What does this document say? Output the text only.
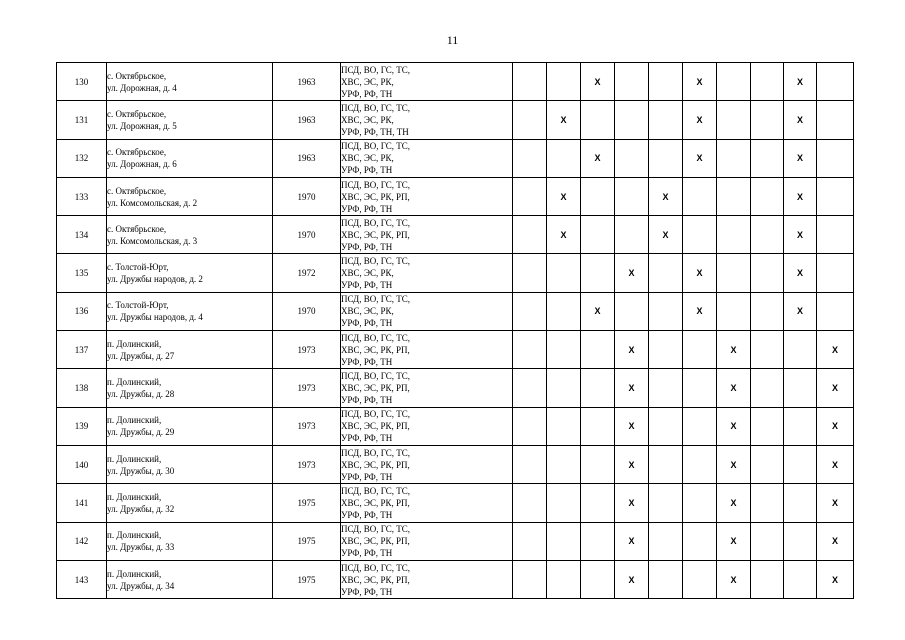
11
130	с. Октябрьское,
ул. Дорожная, д. 4	1963	ПСД, ВО, ГС, ТС,
ХВС, ЭС, РК,
УРФ, РФ, ТН			X			X			X	
131	с. Октябрьское,
ул. Дорожная, д. 5	1963	ПСД, ВО, ГС, ТС,
ХВС, ЭС, РК,
УРФ, РФ, ТН, ТН		X				X			X	
132	с. Октябрьское,
ул. Дорожная, д. 6	1963	ПСД, ВО, ГС, ТС,
ХВС, ЭС, РК,
УРФ, РФ, ТН			X			X			X	
133	с. Октябрьское,
ул. Комсомольская, д. 2	1970	ПСД, ВО, ГС, ТС,
ХВС, ЭС, РК, РП,
УРФ, РФ, ТН		X			X				X	
134	с. Октябрьское,
ул. Комсомольская, д. 3	1970	ПСД, ВО, ГС, ТС,
ХВС, ЭС, РК, РП,
УРФ, РФ, ТН		X			X				X	
135	с. Толстой-Юрт,
ул. Дружбы народов, д. 2	1972	ПСД, ВО, ГС, ТС,
ХВС, ЭС, РК,
УРФ, РФ, ТН				X		X			X	
136	с. Толстой-Юрт,
ул. Дружбы народов, д. 4	1970	ПСД, ВО, ГС, ТС,
ХВС, ЭС, РК,
УРФ, РФ, ТН			X			X			X	
137	п. Долинский,
ул. Дружбы, д. 27	1973	ПСД, ВО, ГС, ТС,
ХВС, ЭС, РК, РП,
УРФ, РФ, ТН				X			X			X
138	п. Долинский,
ул. Дружбы, д. 28	1973	ПСД, ВО, ГС, ТС,
ХВС, ЭС, РК, РП,
УРФ, РФ, ТН				X			X			X
139	п. Долинский,
ул. Дружбы, д. 29	1973	ПСД, ВО, ГС, ТС,
ХВС, ЭС, РК, РП,
УРФ, РФ, ТН				X			X			X
140	п. Долинский,
ул. Дружбы, д. 30	1973	ПСД, ВО, ГС, ТС,
ХВС, ЭС, РК, РП,
УРФ, РФ, ТН				X			X			X
141	п. Долинский,
ул. Дружбы, д. 32	1975	ПСД, ВО, ГС, ТС,
ХВС, ЭС, РК, РП,
УРФ, РФ, ТН				X			X			X
142	п. Долинский,
ул. Дружбы, д. 33	1975	ПСД, ВО, ГС, ТС,
ХВС, ЭС, РК, РП,
УРФ, РФ, ТН				X			X			X
143	п. Долинский,
ул. Дружбы, д. 34	1975	ПСД, ВО, ГС, ТС,
ХВС, ЭС, РК, РП,
УРФ, РФ, ТН				X			X			X
